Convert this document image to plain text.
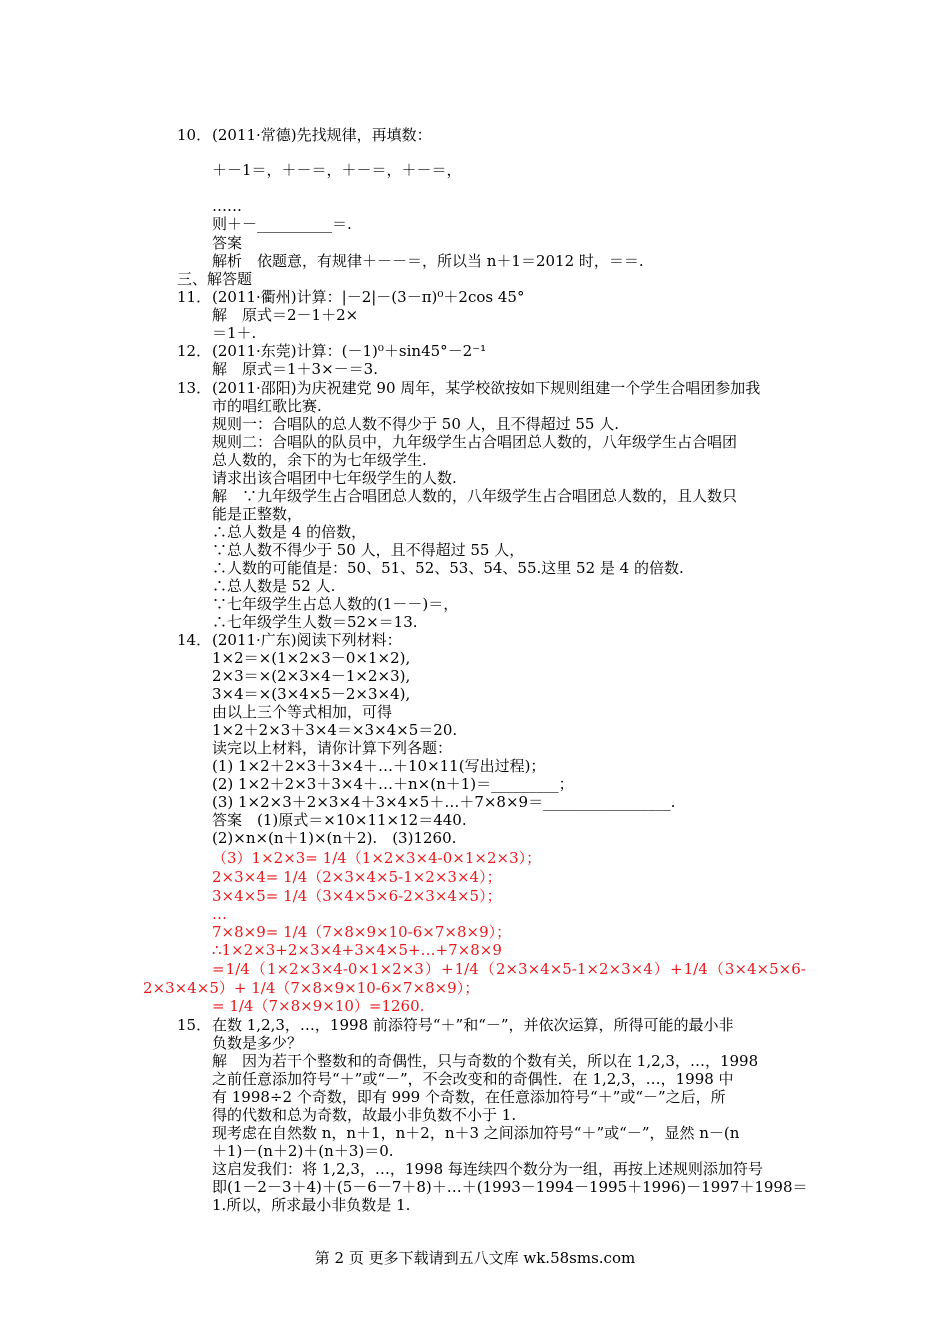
10． (2011·常德)先找规律，再填数：
＋－1＝，＋－＝，＋－＝，＋－＝，
……
则＋－__________＝.
答案
解析　依题意，有规律＋－－＝，所以当 n＋1＝2012 时，＝＝.
三、解答题
11． (2011·衢州)计算：|－2|－(3－π)⁰＋2cos 45°
解　原式＝2－1＋2×
＝1＋.
12． (2011·东莞)计算：(－1)⁰＋sin45°－2⁻¹
解　原式＝1＋3×－＝3.
13． (2011·邵阳)为庆祝建党 90 周年，某学校欲按如下规则组建一个学生合唱团参加我
市的唱红歌比赛.
规则一：合唱队的总人数不得少于 50 人，且不得超过 55 人.
规则二：合唱队的队员中，九年级学生占合唱团总人数的，八年级学生占合唱团
总人数的，余下的为七年级学生.
请求出该合唱团中七年级学生的人数.
解　∵九年级学生占合唱团总人数的，八年级学生占合唱团总人数的，且人数只
能是正整数，
∴总人数是 4 的倍数，
∵总人数不得少于 50 人，且不得超过 55 人，
∴人数的可能值是：50、51、52、53、54、55.这里 52 是 4 的倍数.
∴总人数是 52 人.
∵七年级学生占总人数的(1－－)＝，
∴七年级学生人数＝52×＝13.
14． (2011·广东)阅读下列材料：
1×2＝×(1×2×3－0×1×2),
2×3＝×(2×3×4－1×2×3),
3×4＝×(3×4×5－2×3×4),
由以上三个等式相加，可得
1×2＋2×3＋3×4＝×3×4×5＝20.
读完以上材料，请你计算下列各题：
(1) 1×2＋2×3＋3×4＋…＋10×11(写出过程)；
(2) 1×2＋2×3＋3×4＋…＋n×(n＋1)＝_________；
(3) 1×2×3＋2×3×4＋3×4×5＋…＋7×8×9＝_________________.
答案　(1)原式＝×10×11×12＝440.
(2)×n×(n＋1)×(n＋2).　(3)1260.
（3）1×2×3= 1/4（1×2×3×4-0×1×2×3）；
2×3×4= 1/4（2×3×4×5-1×2×3×4）；
3×4×5= 1/4（3×4×5×6-2×3×4×5）；
…
7×8×9= 1/4（7×8×9×10-6×7×8×9）；
∴1×2×3+2×3×4+3×4×5+…+7×8×9
= 1/4 （ 1×2×3×4-0×1×2×3 ） + 1/4 （ 2×3×4×5-1×2×3×4 ） + 1/4 （ 3×4×5×6-
2×3×4×5）+ 1/4（7×8×9×10-6×7×8×9）；
= 1/4（7×8×9×10）=1260.
15． 在数 1,2,3，…，1998 前添符号“＋”和“－”，并依次运算，所得可能的最小非
负数是多少？
解　因为若干个整数和的奇偶性，只与奇数的个数有关，所以在 1,2,3，…，1998
之前任意添加符号“＋”或“－”，不会改变和的奇偶性．在 1,2,3，…，1998 中
有 1998÷2 个奇数，即有 999 个奇数，在任意添加符号“＋”或“－”之后，所
得的代数和总为奇数，故最小非负数不小于 1.
现考虑在自然数 n，n＋1，n＋2，n＋3 之间添加符号“＋”或“－”，显然 n－(n
＋1)－(n＋2)＋(n＋3)＝0.
这启发我们：将 1,2,3，…，1998 每连续四个数分为一组，再按上述规则添加符号
即(1－2－3＋4)＋(5－6－7＋8)＋…＋(1993－1994－1995＋1996)－1997＋1998＝
1.所以，所求最小非负数是 1.
第 2 页 更多下载请到五八文库 wk.58sms.com
